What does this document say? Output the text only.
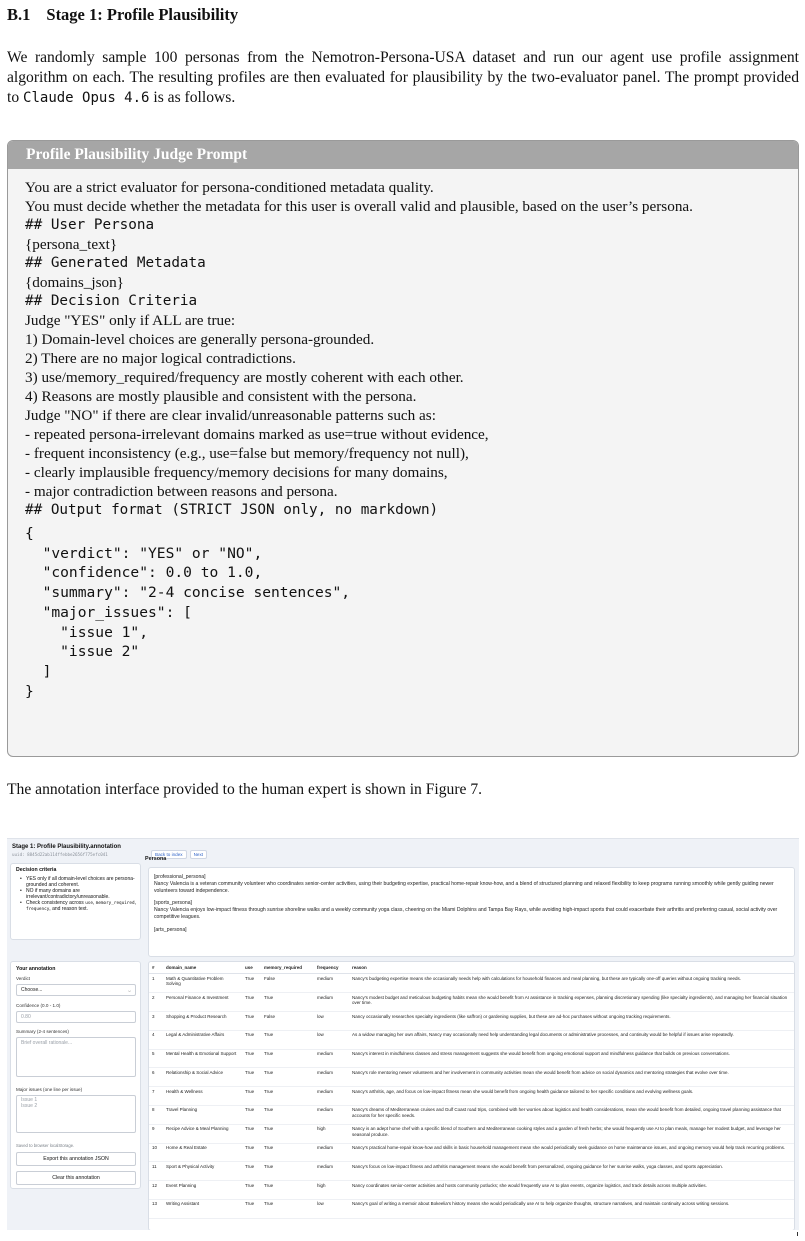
B.1 Stage 1: Profile Plausibility
We randomly sample 100 personas from the Nemotron-Persona-USA dataset and run our agent use profile assignment algorithm on each. The resulting profiles are then evaluated for plausibility by the two-evaluator panel. The prompt provided to Claude Opus 4.6 is as follows.
Profile Plausibility Judge Prompt
You are a strict evaluator for persona-conditioned metadata quality.
You must decide whether the metadata for this user is overall valid and plausible, based on the user’s persona.
## User Persona
{persona_text}
## Generated Metadata
{domains_json}
## Decision Criteria
Judge "YES" only if ALL are true:
1) Domain-level choices are generally persona-grounded.
2) There are no major logical contradictions.
3) use/memory_required/frequency are mostly coherent with each other.
4) Reasons are mostly plausible and consistent with the persona.
Judge "NO" if there are clear invalid/unreasonable patterns such as:
- repeated persona-irrelevant domains marked as use=true without evidence,
- frequent inconsistency (e.g., use=false but memory/frequency not null),
- clearly implausible frequency/memory decisions for many domains,
- major contradiction between reasons and persona.
## Output format (STRICT JSON only, no markdown)
{
"verdict": "YES" or "NO",
"confidence": 0.0 to 1.0,
"summary": "2-4 concise sentences",
"major_issues": [
"issue 1",
"issue 2"
]
}
The annotation interface provided to the human expert is shown in Figure 7.
Stage 1: Profile Plausibility.annotation
uuid: 8845d22ab114ffebbe2656f775efc041
Decision criteria
• YES only if all domain-level choices are persona-grounded and coherent.
• NO if many domains are irrelevant/contradictory/unreasonable.
• Check consistency across use, memory_required, frequency, and reason text.
Your annotation
Verdict
Choose...	⌵
Confidence (0.0 - 1.0)
0.80
Summary (2-4 sentences)
Brief overall rationale...
Major issues (one line per issue)
Issue 1
Issue 2
Saved to browser localStorage.
Export this annotation JSON
Clear this annotation
Back to index Next
Persona
[professional_persona]
Nancy Valencia is a veteran community volunteer who coordinates senior-center activities, using their budgeting expertise, practical home-repair know-how, and a blend of structured planning and relaxed flexibility to keep programs running smoothly while gently guiding newer volunteers toward independence.
[sports_persona]
Nancy Valencia enjoys low-impact fitness through sunrise shoreline walks and a weekly community yoga class, cheering on the Miami Dolphins and Tampa Bay Rays, while avoiding high-impact sports that could exacerbate their arthritis and preferring casual, social activity over competitive leagues.
[arts_persona]
#	domain_name	use	memory_required	frequency	reason
1	Math & Quantitative Problem Solving	True	False	medium	Nancy's budgeting expertise means she occasionally needs help with calculations for household finances and meal planning, but these are typically one-off queries without ongoing tracking needs.
2	Personal Finance & Investment	True	True	medium	Nancy's modest budget and meticulous budgeting habits mean she would benefit from AI assistance in tracking expenses, planning discretionary spending (like specialty ingredients), and managing her financial situation over time.
3	Shopping & Product Research	True	False	low	Nancy occasionally researches specialty ingredients (like saffron) or gardening supplies, but these are ad-hoc purchases without ongoing tracking requirements.
4	Legal & Administrative Affairs	True	True	low	As a widow managing her own affairs, Nancy may occasionally need help understanding legal documents or administrative processes, and continuity would be helpful if issues arise repeatedly.
5	Mental Health & Emotional Support	True	True	medium	Nancy's interest in mindfulness classes and stress management suggests she would benefit from ongoing emotional support and mindfulness guidance that builds on previous conversations.
6	Relationship & Social Advice	True	True	medium	Nancy's role mentoring newer volunteers and her involvement in community activities mean she would benefit from advice on social dynamics and mentoring strategies that evolve over time.
7	Health & Wellness	True	True	medium	Nancy's arthritis, age, and focus on low-impact fitness mean she would benefit from ongoing health guidance tailored to her specific conditions and evolving wellness goals.
8	Travel Planning	True	True	medium	Nancy's dreams of Mediterranean cruises and Gulf Coast road trips, combined with her worries about logistics and health considerations, mean she would benefit from detailed, ongoing travel planning assistance that accounts for her specific needs.
9	Recipe Advice & Meal Planning	True	True	high	Nancy is an adept home chef with a specific blend of Southern and Mediterranean cooking styles and a garden of fresh herbs; she would frequently use AI to plan meals, manage her modest budget, and leverage her seasonal produce.
10	Home & Real Estate	True	True	medium	Nancy's practical home-repair know-how and skills in basic household management mean she would periodically seek guidance on home maintenance issues, and ongoing memory would help track recurring problems.
11	Sport & Physical Activity	True	True	medium	Nancy's focus on low-impact fitness and arthritis management means she would benefit from personalized, ongoing guidance for her sunrise walks, yoga classes, and sports appreciation.
12	Event Planning	True	True	high	Nancy coordinates senior-center activities and hosts community potlucks; she would frequently use AI to plan events, organize logistics, and track details across multiple activities.
13	Writing Assistant	True	True	low	Nancy's goal of writing a memoir about Bokeelia's history means she would periodically use AI to help organize thoughts, structure narratives, and maintain continuity across writing sessions.
